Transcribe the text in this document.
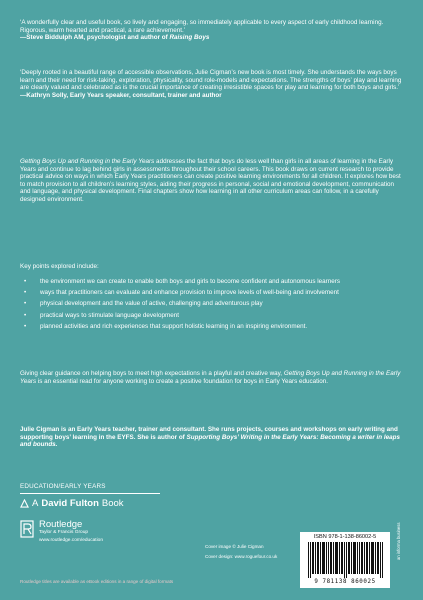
‘A wonderfully clear and useful book, so lively and engaging, so immediately applicable to every aspect of early childhood learning. Rigorous, warm hearted and practical, a rare achievement.’

—Steve Biddulph AM, psychologist and author of Raising Boys

‘Deeply rooted in a beautiful range of accessible observations, Julie Cigman’s new book is most timely. She understands the ways boys learn and their need for risk-taking, exploration, physicality, sound role-models and expectations. The strengths of boys’ play and learning are clearly valued and celebrated as is the crucial importance of creating irresistible spaces for play and learning for both boys and girls.’

—Kathryn Solly, Early Years speaker, consultant, trainer and author

Getting Boys Up and Running in the Early Years addresses the fact that boys do less well than girls in all areas of learning in the Early Years and continue to lag behind girls in assessments throughout their school careers. This book draws on current research to provide practical advice on ways in which Early Years practitioners can create positive learning environments for all children. It explores how best to match provision to all children’s learning styles, aiding their progress in personal, social and emotional development, communication and language, and physical development. Final chapters show how learning in all other curriculum areas can follow, in a carefully designed environment.

Key points explored include:

• the environment we can create to enable both boys and girls to become confident and autonomous learners
• ways that practitioners can evaluate and enhance provision to improve levels of well-being and involvement
• physical development and the value of active, challenging and adventurous play
• practical ways to stimulate language development
• planned activities and rich experiences that support holistic learning in an inspiring environment.

Giving clear guidance on helping boys to meet high expectations in a playful and creative way, Getting Boys Up and Running in the Early Years is an essential read for anyone working to create a positive foundation for boys in Early Years education.

Julie Cigman is an Early Years teacher, trainer and consultant. She runs projects, courses and workshops on early writing and supporting boys’ learning in the EYFS. She is author of Supporting Boys’ Writing in the Early Years: Becoming a writer in leaps and bounds.

EDUCATION/EARLY YEARS
A David Fulton Book
Routledge
Taylor & Francis Group
www.routledge.com/education
Cover image © Julie Cigman
Cover design: www.roguefour.co.uk
Routledge titles are available as eBook editions in a range of digital formats
ISBN 978-1-138-86002-5
9 781138 860025
an informa business
